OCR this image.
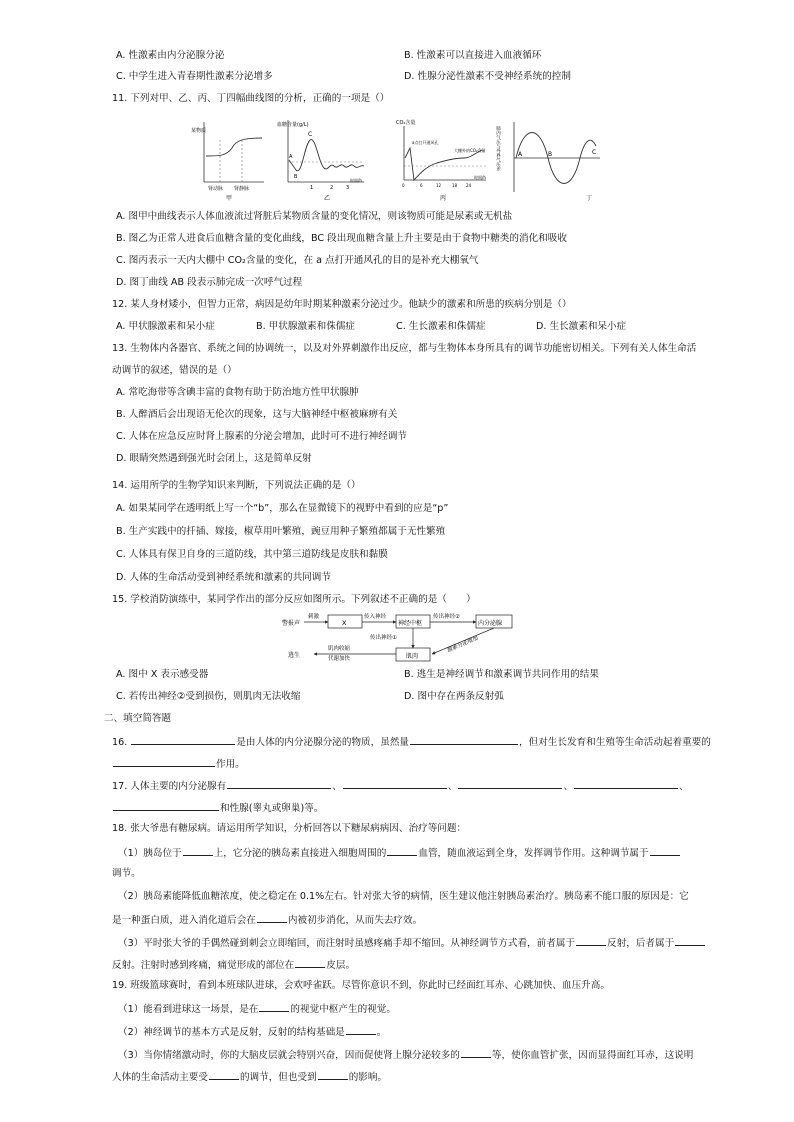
A. 性激素由内分泌腺分泌	B. 性激素可以直接进入血液循环
C. 中学生进入青春期性激素分泌增多	D. 性腺分泌性激素不受神经系统的控制
11. 下列对甲、乙、丙、丁四幅曲线图的分析，正确的一项是（）
某物质
肾动脉 肾静脉
甲
血糖含量(g/L)
A
B
C
1	2	3
时间/h
乙
CO₂含量
a点打开通风孔
大棚外的CO₂含量
0	6	12	18 24
时间/h
丙
肺内气压与外界气压差	A	B	C
丁
A. 图甲中曲线表示人体血液流过肾脏后某物质含量的变化情况，则该物质可能是尿素或无机盐
B. 图乙为正常人进食后血糖含量的变化曲线，BC 段出现血糖含量上升主要是由于食物中糖类的消化和吸收
C. 图丙表示一天内大棚中 CO₂含量的变化，在 a 点打开通风孔的目的是补充大棚氧气
D. 图丁曲线 AB 段表示肺完成一次呼气过程
12. 某人身材矮小，但智力正常，病因是幼年时期某种激素分泌过少。他缺少的激素和所患的疾病分别是（）
A. 甲状腺激素和呆小症	B. 甲状腺激素和侏儒症	C. 生长激素和侏儒症	D. 生长激素和呆小症
13. 生物体内各器官、系统之间的协调统一，以及对外界刺激作出反应，都与生物体本身所具有的调节功能密切相关。下列有关人体生命活
动调节的叙述，错误的是（）
A. 常吃海带等含碘丰富的食物有助于防治地方性甲状腺肿
B. 人醉酒后会出现语无伦次的现象，这与大脑神经中枢被麻痹有关
C. 人体在应急反应时肾上腺素的分泌会增加，此时可不进行神经调节
D. 眼睛突然遇到强光时会闭上，这是简单反射
14. 运用所学的生物学知识来判断，下列说法正确的是（）
A. 如果某同学在透明纸上写一个“b”，那么在显微镜下的视野中看到的应是“p”
B. 生产实践中的扦插、嫁接，椒草用叶繁殖，豌豆用种子繁殖都属于无性繁殖
C. 人体具有保卫自身的三道防线，其中第三道防线是皮肤和黏膜
D. 人体的生命活动受到神经系统和激素的共同调节
15. 学校消防演练中，某同学作出的部分反应如图所示。下列叙述不正确的是（　　）
警报声
刺激
X
传入神经
神经中枢
传出神经②
内分泌腺
传出神经①
肌肉
激素分泌增加
肌肉收缩
代谢加快
逃生
A. 图中 X 表示感受器	B. 逃生是神经调节和激素调节共同作用的结果
C. 若传出神经②受到损伤，则肌肉无法收缩	D. 图中存在两条反射弧
二、填空简答题
16.	是由人体的内分泌腺分泌的物质，虽然量	，但对生长发育和生殖等生命活动起着重要的
作用。
17. 人体主要的内分泌腺有	、	、	、	、
和性腺(睾丸或卵巢)等。
18. 张大爷患有糖尿病。请运用所学知识，分析回答以下糖尿病病因、治疗等问题：
（1）胰岛位于	上，它分泌的胰岛素直接进入细胞周围的	血管，随血液运到全身，发挥调节作用。这种调节属于
调节。
（2）胰岛素能降低血糖浓度，使之稳定在 0.1%左右。针对张大爷的病情，医生建议他注射胰岛素治疗。胰岛素不能口服的原因是：它
是一种蛋白质，进入消化道后会在	内被初步消化，从而失去疗效。
（3）平时张大爷的手偶然碰到刺会立即缩回，而注射时虽感疼痛手却不缩回。从神经调节方式看，前者属于	反射，后者属于
反射。注射时感到疼痛，痛觉形成的部位在	皮层。
19. 班级篮球赛时，看到本班球队进球，会欢呼雀跃。尽管你意识不到，你此时已经面红耳赤、心跳加快、血压升高。
（1）能看到进球这一场景，是在	的视觉中枢产生的视觉。
（2）神经调节的基本方式是反射，反射的结构基础是	。
（3）当你情绪激动时，你的大脑皮层就会特别兴奋，因而促使肾上腺分泌较多的	等，使你血管扩张，因而显得面红耳赤，这说明
人体的生命活动主要受	的调节，但也受到	的影响。
